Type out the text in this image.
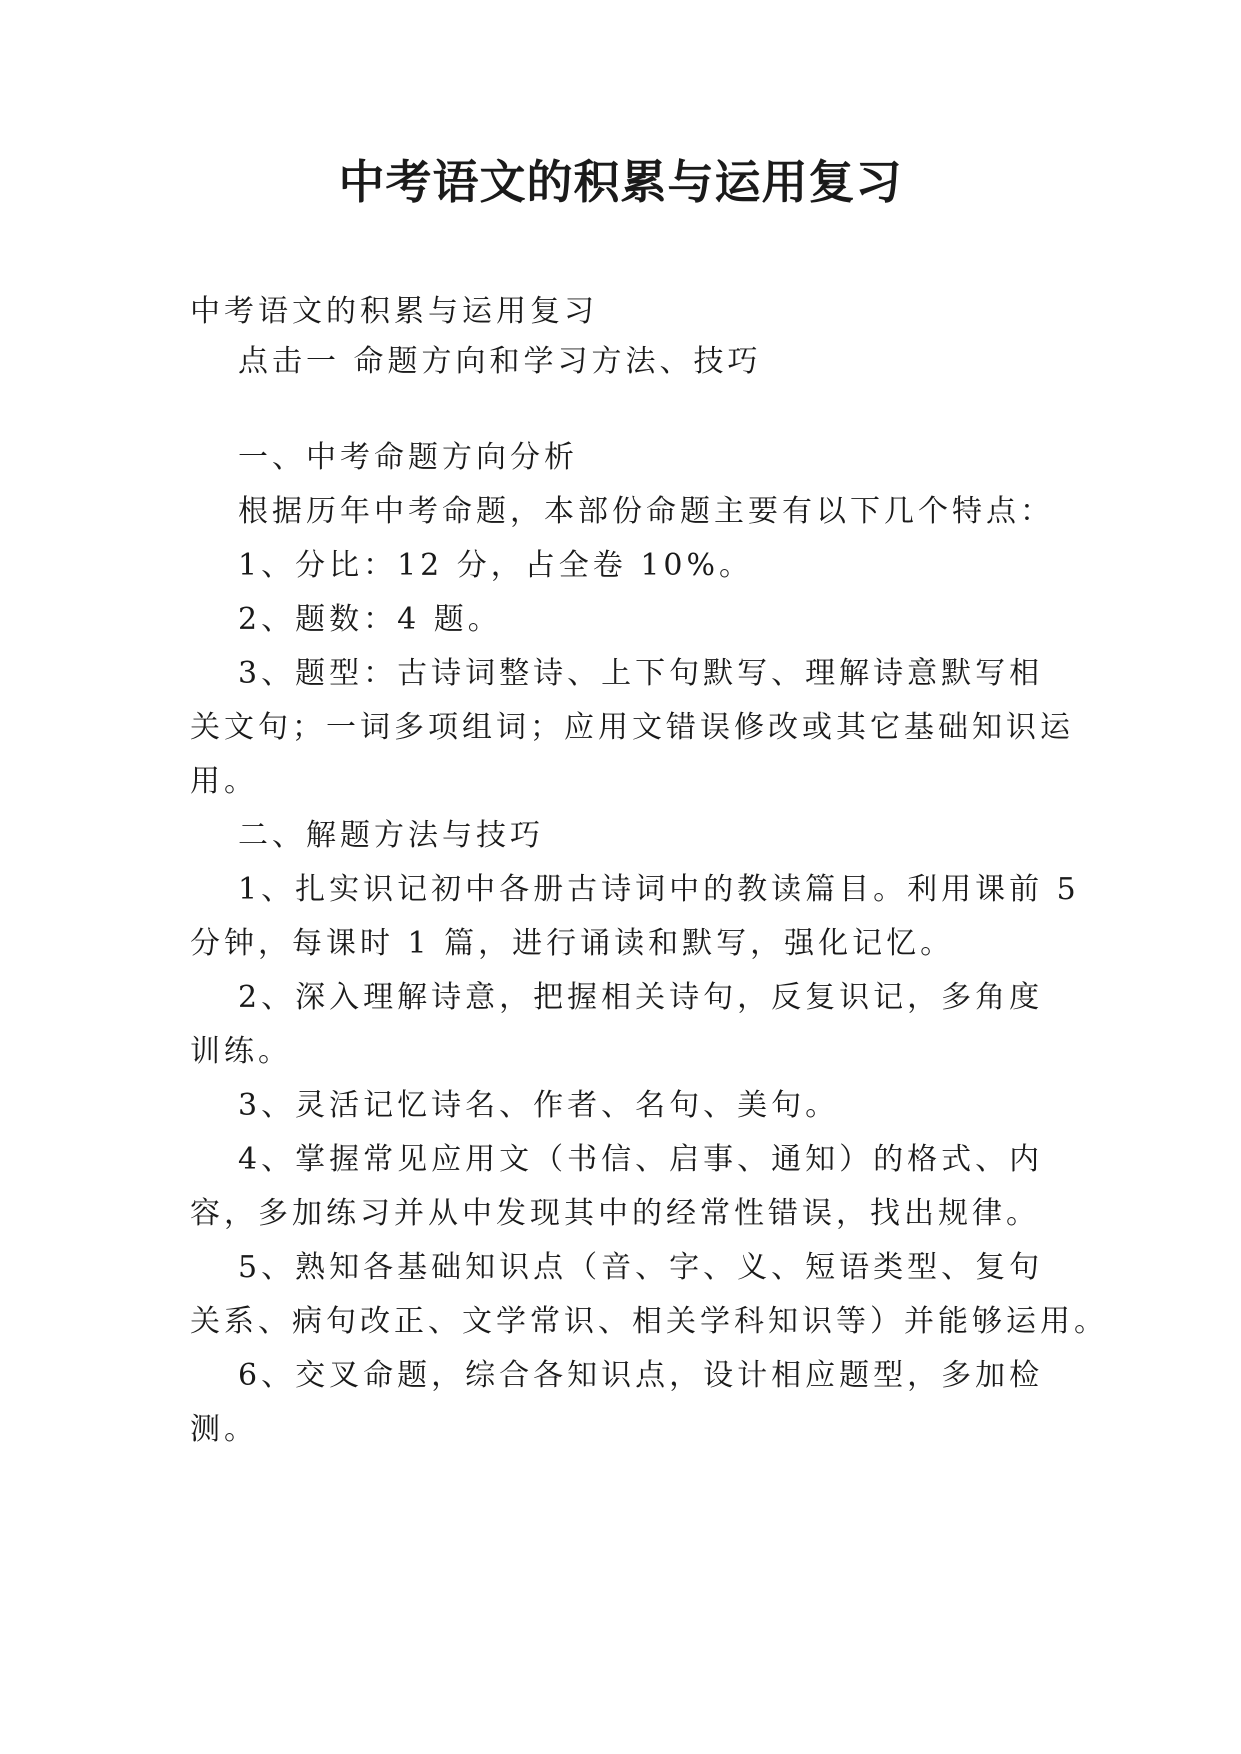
中考语文的积累与运用复习

中考语文的积累与运用复习

点击一 命题方向和学习方法、技巧

一、中考命题方向分析

根据历年中考命题，本部份命题主要有以下几个特点：

1、分比：12 分，占全卷 10%。

2、题数：4 题。

3、题型：古诗词整诗、上下句默写、理解诗意默写相

关文句；一词多项组词；应用文错误修改或其它基础知识运

用。

二、解题方法与技巧

1、扎实识记初中各册古诗词中的教读篇目。利用课前 5

分钟，每课时 1 篇，进行诵读和默写，强化记忆。

2、深入理解诗意，把握相关诗句，反复识记，多角度

训练。

3、灵活记忆诗名、作者、名句、美句。

4、掌握常见应用文（书信、启事、通知）的格式、内

容，多加练习并从中发现其中的经常性错误，找出规律。

5、熟知各基础知识点（音、字、义、短语类型、复句

关系、病句改正、文学常识、相关学科知识等）并能够运用。

6、交叉命题，综合各知识点，设计相应题型，多加检

测。
